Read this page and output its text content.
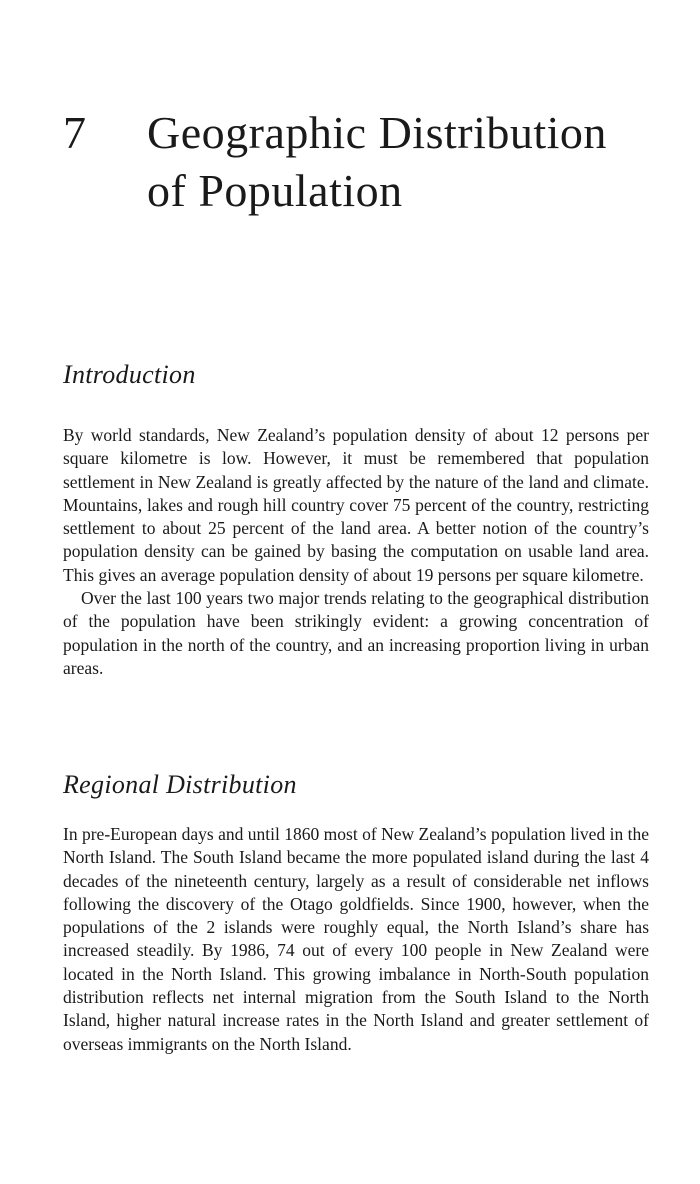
7	Geographic Distribution
of Population
Introduction

By world standards, New Zealand’s population density of about 12 persons per square kilometre is low. However, it must be remembered that population settlement in New Zealand is greatly affected by the nature of the land and climate. Mountains, lakes and rough hill country cover 75 percent of the country, restricting settlement to about 25 percent of the land area. A better notion of the country’s population density can be gained by basing the computation on usable land area. This gives an average population density of about 19 persons per square kilometre.

Over the last 100 years two major trends relating to the geographical distribution of the population have been strikingly evident: a growing concentration of population in the north of the country, and an increasing proportion living in urban areas.

Regional Distribution

In pre-European days and until 1860 most of New Zealand’s population lived in the North Island. The South Island became the more populated island during the last 4 decades of the nineteenth century, largely as a result of considerable net inflows following the discovery of the Otago goldfields. Since 1900, however, when the populations of the 2 islands were roughly equal, the North Island’s share has increased steadily. By 1986, 74 out of every 100 people in New Zealand were located in the North Island. This growing imbalance in North-South population distribution reflects net internal migration from the South Island to the North Island, higher natural increase rates in the North Island and greater settlement of overseas immigrants on the North Island.
